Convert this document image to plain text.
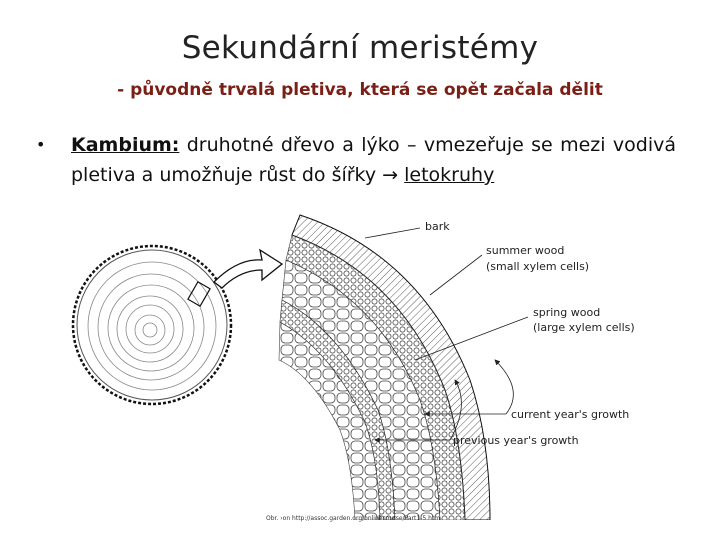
Sekundární meristémy
- původně trvalá pletiva, která se opět začala dělit
• Kambium: druhotné dřevo a lýko – vmezeřuje se mezi vodivá pletiva a umožňuje růst do šířky → letokruhy
bark
summer wood
(small xylem cells)
spring wood
(large xylem cells)
current year's growth
previous year's growth
Obr. ›on http://assoc.garden.org/onlinecourse/Part1-5.htm
